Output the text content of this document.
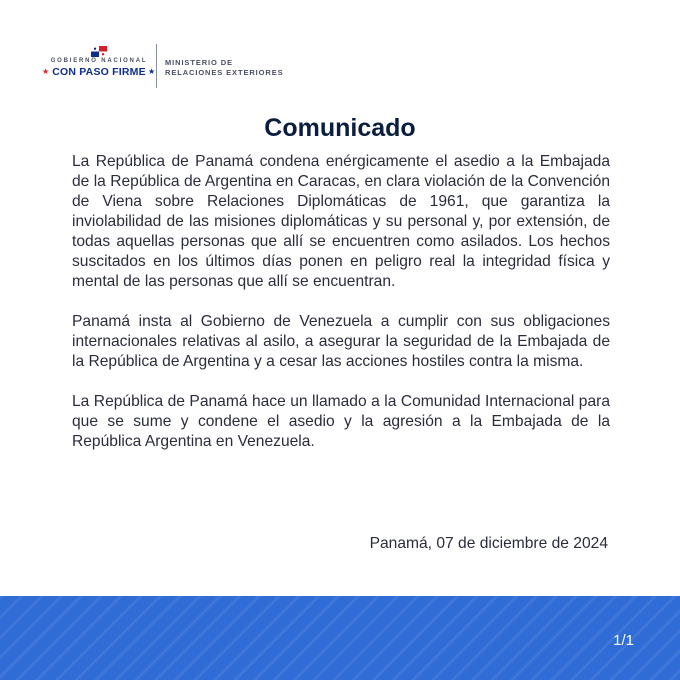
GOBIERNO NACIONAL
★ CON PASO FIRME ★
MINISTERIO DE
RELACIONES EXTERIORES
Comunicado

La República de Panamá condena enérgicamente el asedio a la Embajada de la República de Argentina en Caracas, en clara violación de la Convención de Viena sobre Relaciones Diplomáticas de 1961, que garantiza la inviolabilidad de las misiones diplomáticas y su personal y, por extensión, de todas aquellas personas que allí se encuentren como asilados. Los hechos suscitados en los últimos días ponen en peligro real la integridad física y mental de las personas que allí se encuentran.

Panamá insta al Gobierno de Venezuela a cumplir con sus obligaciones internacionales relativas al asilo, a asegurar la seguridad de la Embajada de la República de Argentina y a cesar las acciones hostiles contra la misma.

La República de Panamá hace un llamado a la Comunidad Internacional para que se sume y condene el asedio y la agresión a la Embajada de la República Argentina en Venezuela.

Panamá, 07 de diciembre de 2024
1/1
